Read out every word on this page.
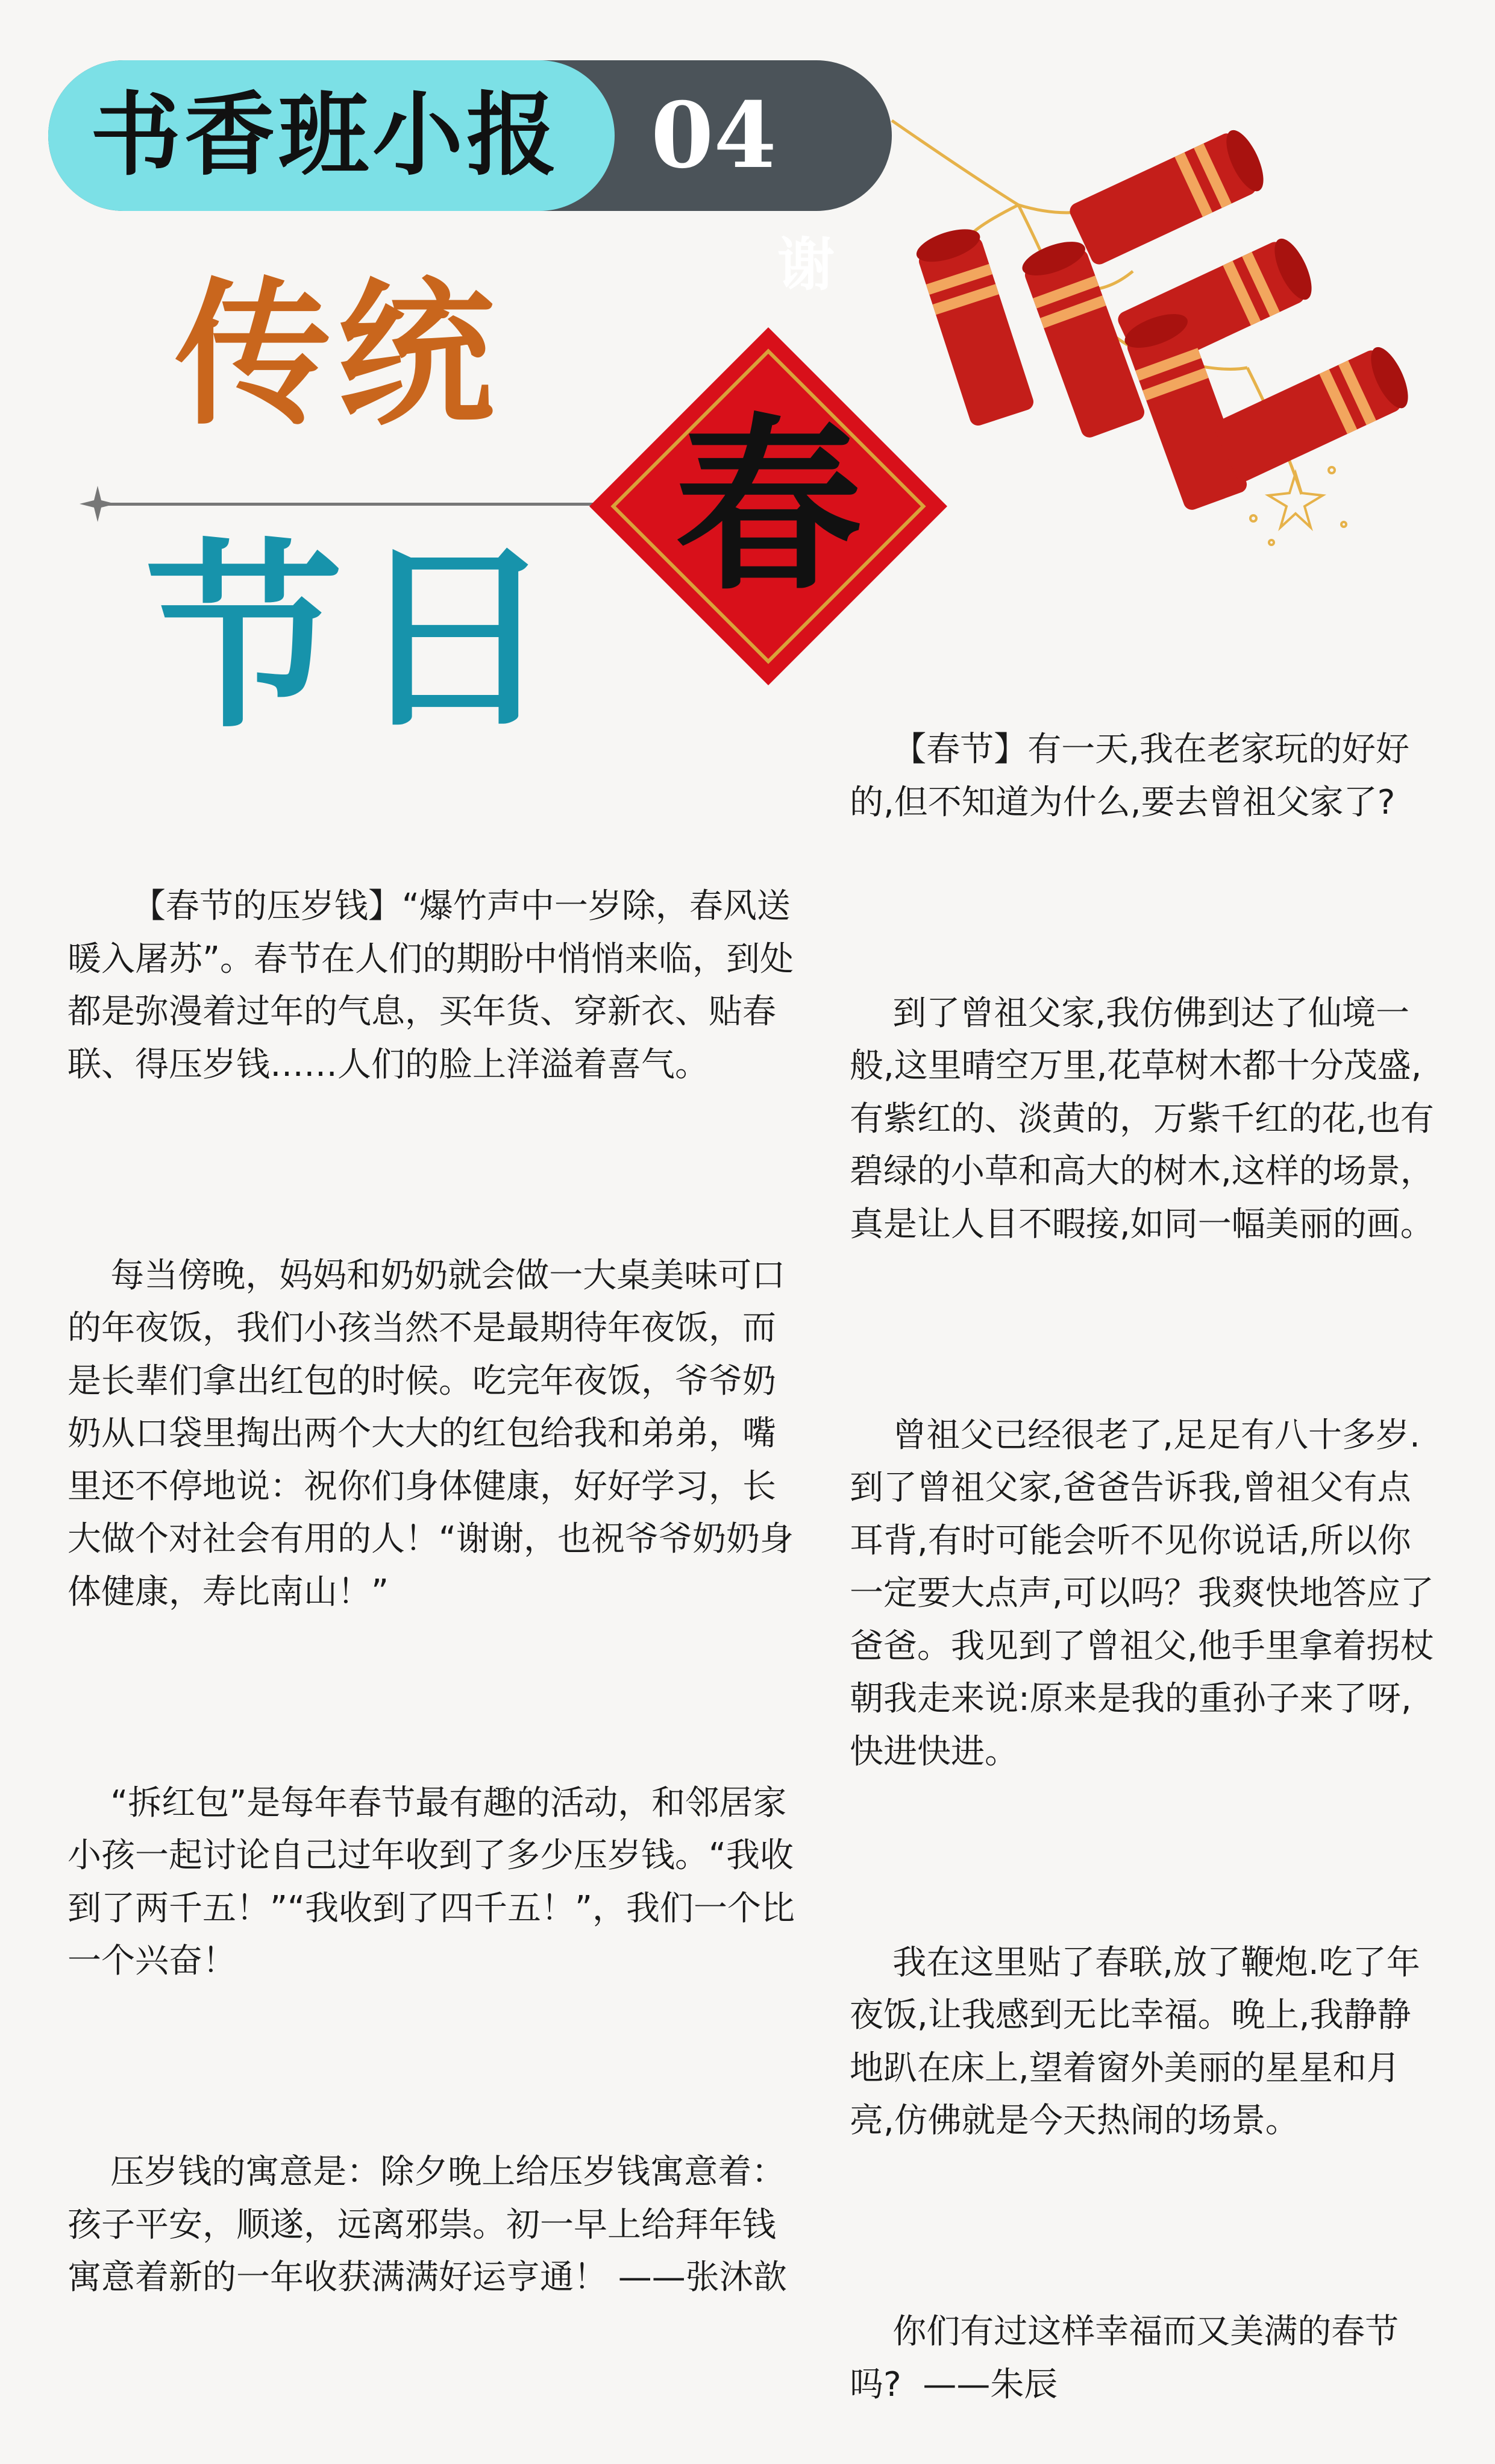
书香班小报 04
谢
传统
节日
春

【春节的压岁钱】“爆竹声中一岁除，春风送暖入屠苏”。春节在人们的期盼中悄悄来临，到处都是弥漫着过年的气息，买年货、穿新衣、贴春联、得压岁钱……人们的脸上洋溢着喜气。

每当傍晚，妈妈和奶奶就会做一大桌美味可口的年夜饭，我们小孩当然不是最期待年夜饭，而是长辈们拿出红包的时候。吃完年夜饭，爷爷奶奶从口袋里掏出两个大大的红包给我和弟弟，嘴里还不停地说：祝你们身体健康，好好学习，长大做个对社会有用的人！“谢谢，也祝爷爷奶奶身体健康，寿比南山！”

“拆红包”是每年春节最有趣的活动，和邻居家小孩一起讨论自己过年收到了多少压岁钱。“我收到了两千五！”“我收到了四千五！”，我们一个比一个兴奋！

压岁钱的寓意是：除夕晚上给压岁钱寓意着：孩子平安，顺遂，远离邪祟。初一早上给拜年钱寓意着新的一年收获满满好运亨通！ ——张沐歆

【春节】有一天,我在老家玩的好好的,但不知道为什么,要去曾祖父家了?

到了曾祖父家,我仿佛到达了仙境一般,这里晴空万里,花草树木都十分茂盛,有紫红的、淡黄的，万紫千红的花,也有碧绿的小草和高大的树木,这样的场景，真是让人目不暇接,如同一幅美丽的画。

曾祖父已经很老了,足足有八十多岁.到了曾祖父家,爸爸告诉我,曾祖父有点耳背,有时可能会听不见你说话,所以你一定要大点声,可以吗？我爽快地答应了爸爸。我见到了曾祖父,他手里拿着拐杖朝我走来说:原来是我的重孙子来了呀,快进快进。

我在这里贴了春联,放了鞭炮.吃了年夜饭,让我感到无比幸福。晚上,我静静地趴在床上,望着窗外美丽的星星和月亮,仿佛就是今天热闹的场景。

你们有过这样幸福而又美满的春节吗?  ——朱辰
